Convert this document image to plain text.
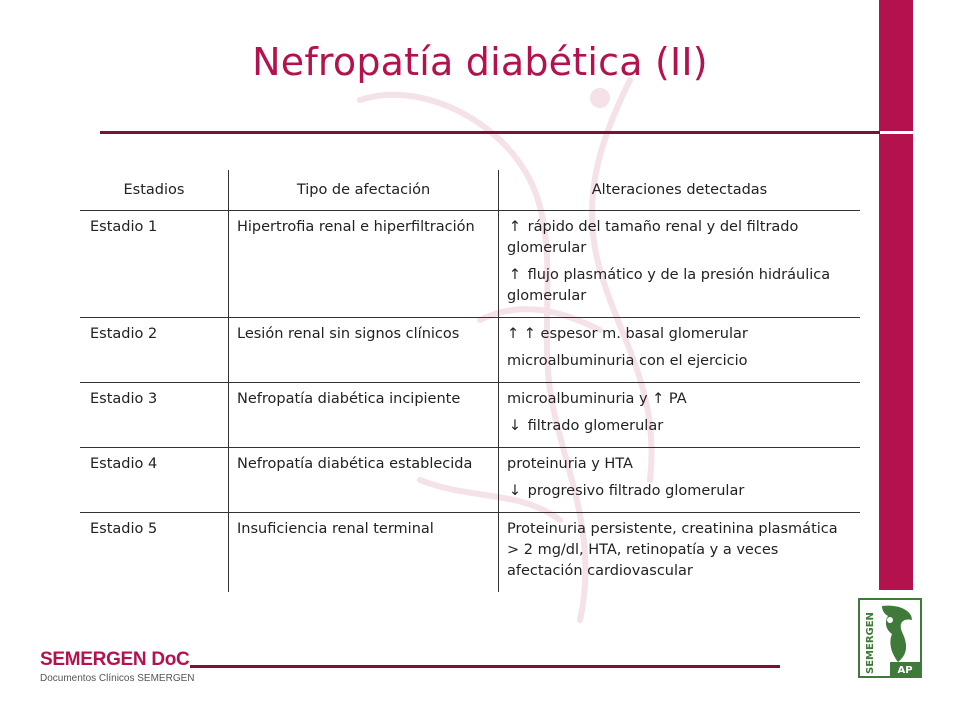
Nefropatía diabética (II)
Estadios	Tipo de afectación	Alteraciones detectadas
Estadio 1	Hipertrofia renal e hiperfiltración	↑ rápido del tamaño renal y del filtrado glomerular
↑ flujo plasmático y de la presión hidráulica glomerular

Estadio 2	Lesión renal sin signos clínicos	↑ ↑ espesor m. basal glomerular
microalbuminuria con el ejercicio

Estadio 3	Nefropatía diabética incipiente	microalbuminuria y ↑ PA
↓ filtrado glomerular

Estadio 4	Nefropatía diabética establecida	proteinuria y HTA
↓ progresivo filtrado glomerular

Estadio 5	Insuficiencia renal terminal	Proteinuria persistente, creatinina plasmática > 2 mg/dl, HTA, retinopatía y a veces afectación cardiovascular
SEMERGEN DoC
Documentos Clínicos SEMERGEN
SEMERGEN AP
